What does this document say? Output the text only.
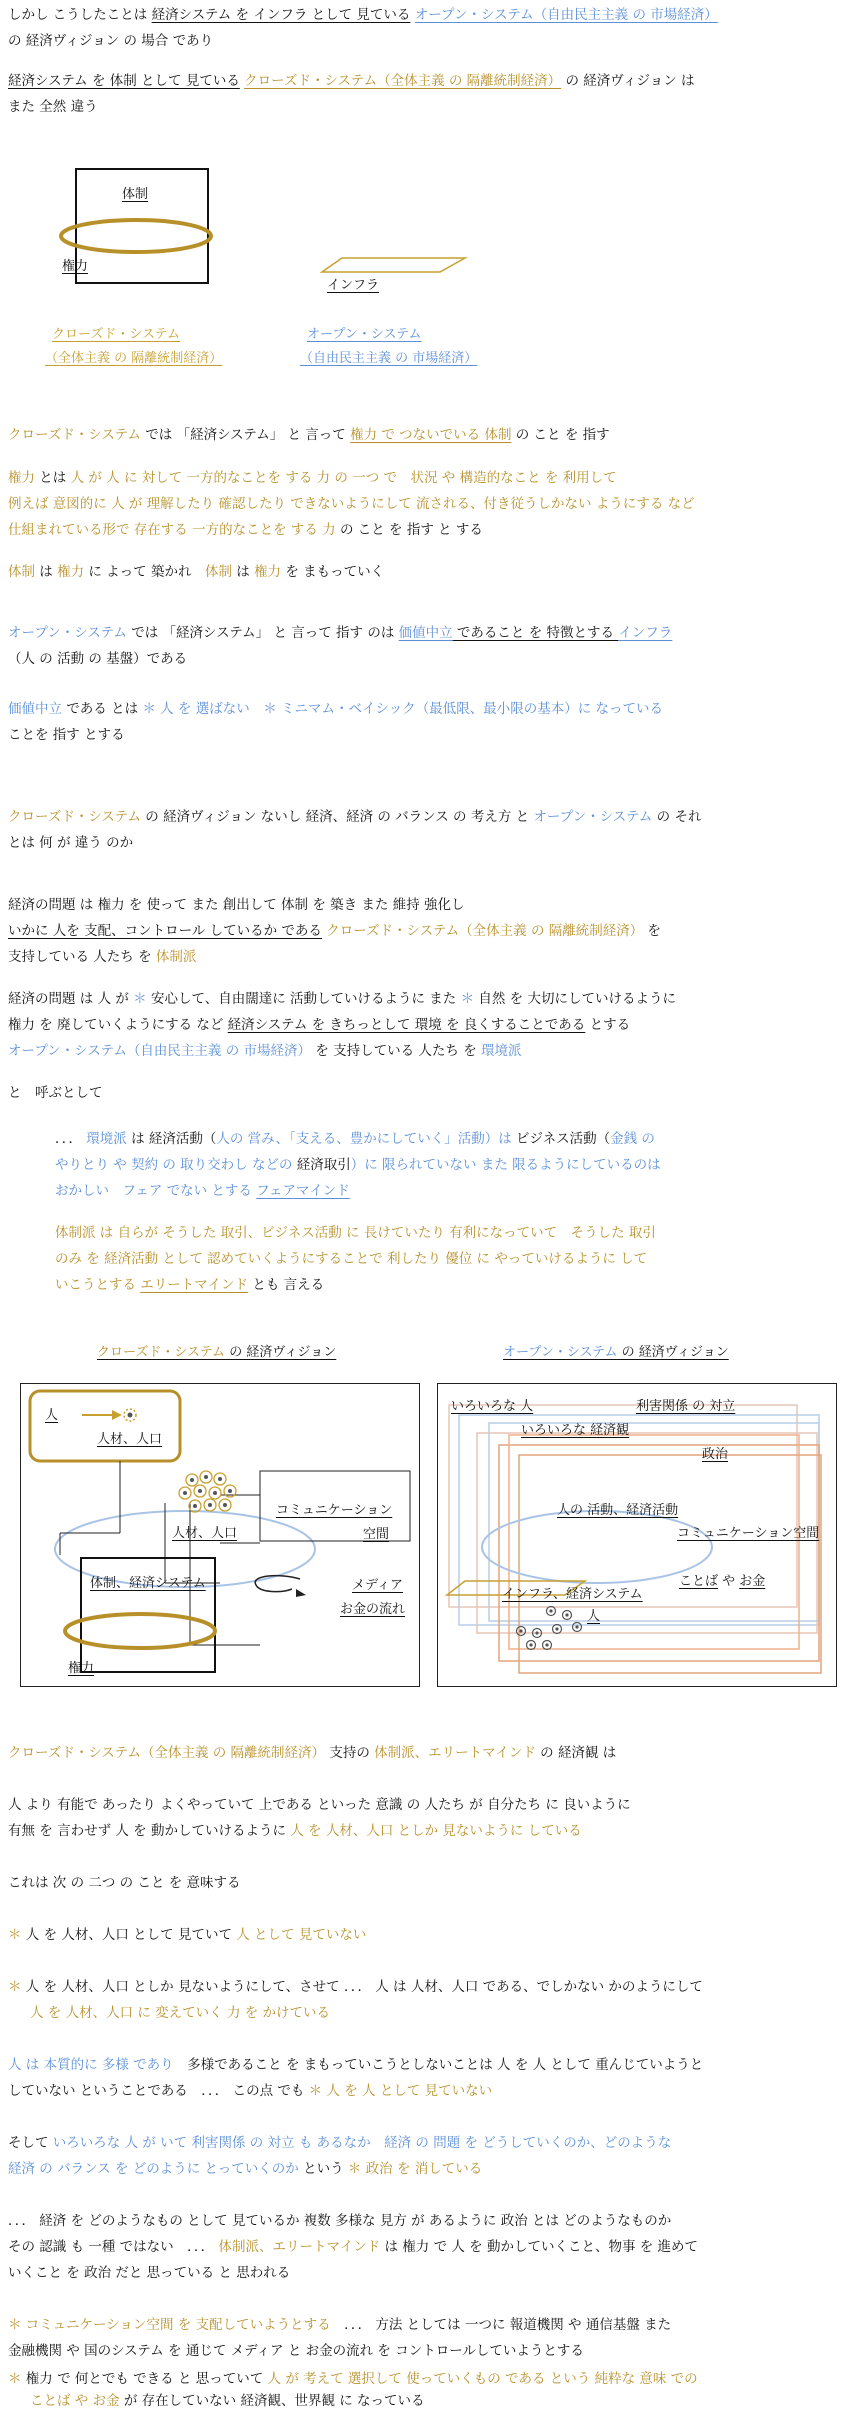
しかし こうしたことは 経済システム を インフラ として 見ている オープン・システム（自由民主主義 の 市場経済）

の 経済ヴィジョン の 場合 であり

経済システム を 体制 として 見ている クローズド・システム（全体主義 の 隔離統制経済） の 経済ヴィジョン は

また 全然 違う

体制
権力
インフラ
クローズド・システム
（全体主義 の 隔離統制経済）
オープン・システム
（自由民主主義 の 市場経済）

クローズド・システム では 「経済システム」 と 言って 権力 で つないでいる 体制 の こと を 指す

権力 とは 人 が 人 に 対して 一方的なことを する 力 の 一つ で　状況 や 構造的なこと を 利用して

例えば 意図的に 人 が 理解したり 確認したり できないようにして 流される、付き従うしかない ようにする など

仕組まれている形で 存在する 一方的なことを する 力 の こと を 指す と する

体制 は 権力 に よって 築かれ　体制 は 権力 を まもっていく

オープン・システム では 「経済システム」 と 言って 指す のは 価値中立 であること を 特徴とする インフラ

（人 の 活動 の 基盤）である

価値中立 である とは ＊ 人 を 選ばない　＊ ミニマム・ベイシック（最低限、最小限の基本）に なっている

ことを 指す とする

クローズド・システム の 経済ヴィジョン ないし 経済、経済 の バランス の 考え方 と オープン・システム の それ

とは 何 が 違う のか

経済の問題 は 権力 を 使って また 創出して 体制 を 築き また 維持 強化し

いかに 人を 支配、コントロール しているか である クローズド・システム（全体主義 の 隔離統制経済） を

支持している 人たち を 体制派

経済の問題 は 人 が ＊ 安心して、自由闊達に 活動していけるように また ＊ 自然 を 大切にしていけるように

権力 を 廃していくようにする など 経済システム を きちっとして 環境 を 良くすることである とする

オープン・システム（自由民主主義 の 市場経済） を 支持している 人たち を 環境派

と　呼ぶとして

．．． 環境派 は 経済活動（人の 営み、「支える、豊かにしていく」活動）は ビジネス活動（金銭 の

やりとり や 契約 の 取り交わし などの 経済取引）に 限られていない また 限るようにしているのは

おかしい　フェア でない とする フェアマインド

体制派 は 自らが そうした 取引、ビジネス活動 に 長けていたり 有利になっていて　そうした 取引

のみ を 経済活動 として 認めていくようにすることで 利したり 優位 に やっていけるように して

いこうとする エリートマインド とも 言える

クローズド・システム の 経済ヴィジョン	オープン・システム の 経済ヴィジョン
人
人材、人口
人材、人口
コミュニケーション
空間
メディア
お金の流れ
体制、経済システム
権力
いろいろな 人	利害関係 の 対立
いろいろな 経済観
政治
人の 活動、経済活動
コミュニケーション空間
ことば や お金
インフラ、経済システム
人

クローズド・システム（全体主義 の 隔離統制経済） 支持の 体制派、エリートマインド の 経済観 は

人 より 有能で あったり よくやっていて 上である といった 意識 の 人たち が 自分たち に 良いように

有無 を 言わせず 人 を 動かしていけるように 人 を 人材、人口 としか 見ないように している

これは 次 の 二つ の こと を 意味する

＊ 人 を 人材、人口 として 見ていて 人 として 見ていない

＊ 人 を 人材、人口 としか 見ないようにして、させて ．．． 人 は 人材、人口 である、でしかない かのようにして

人 を 人材、人口 に 変えていく 力 を かけている

人 は 本質的に 多様 であり　多様であること を まもっていこうとしないことは 人 を 人 として 重んじていようと

していない ということである　．．． この点 でも ＊ 人 を 人 として 見ていない

そして いろいろな 人 が いて 利害関係 の 対立 も あるなか　経済 の 問題 を どうしていくのか、どのような

経済 の バランス を どのように とっていくのか という ＊ 政治 を 消している

．．． 経済 を どのようなもの として 見ているか 複数 多様な 見方 が あるように 政治 とは どのようなものか

その 認識 も 一種 ではない　．．． 体制派、エリートマインド は 権力 で 人 を 動かしていくこと、物事 を 進めて

いくこと を 政治 だと 思っている と 思われる

＊ コミュニケーション空間 を 支配していようとする　．．． 方法 としては 一つに 報道機関 や 通信基盤 また

金融機関 や 国のシステム を 通じて メディア と お金の流れ を コントロールしていようとする

＊ 権力 で 何とでも できる と 思っていて 人 が 考えて 選択して 使っていくもの である という 純粋な 意味 での

ことば や お金 が 存在していない 経済観、世界観 に なっている
